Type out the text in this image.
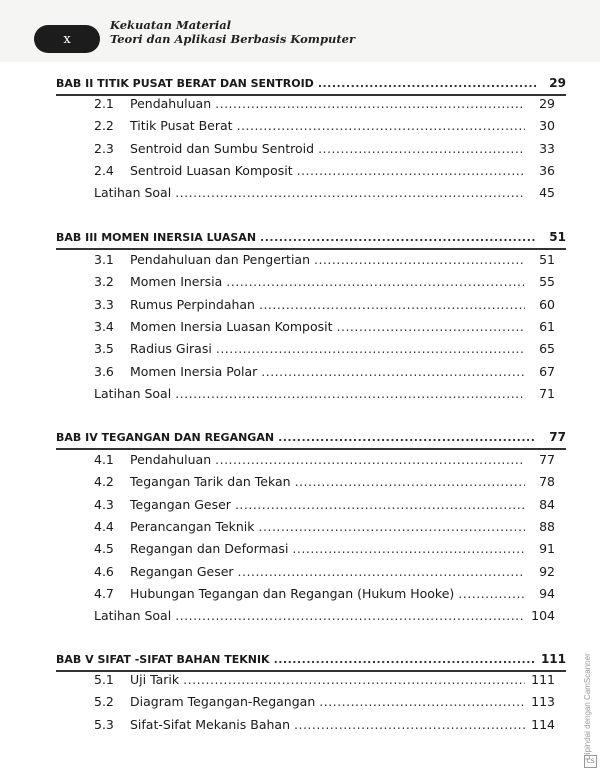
x
Kekuatan Material
Teori dan Aplikasi Berbasis Komputer
BAB II TITIK PUSAT BERAT DAN SENTROID .....	29
2.1	Pendahuluan .....	29
2.2	Titik Pusat Berat .....	30
2.3	Sentroid dan Sumbu Sentroid .....	33
2.4	Sentroid Luasan Komposit .....	36
Latihan Soal .....	45
BAB III MOMEN INERSIA LUASAN .....	51
3.1	Pendahuluan dan Pengertian .....	51
3.2	Momen Inersia .....	55
3.3	Rumus Perpindahan .....	60
3.4	Momen Inersia Luasan Komposit .....	61
3.5	Radius Girasi .....	65
3.6	Momen Inersia Polar .....	67
Latihan Soal .....	71
BAB IV TEGANGAN DAN REGANGAN .....	77
4.1	Pendahuluan .....	77
4.2	Tegangan Tarik dan Tekan .....	78
4.3	Tegangan Geser .....	84
4.4	Perancangan Teknik .....	88
4.5	Regangan dan Deformasi .....	91
4.6	Regangan Geser .....	92
4.7	Hubungan Tegangan dan Regangan (Hukum Hooke) .....	94
Latihan Soal .....	104
BAB V SIFAT -SIFAT BAHAN TEKNIK .....	111
5.1	Uji Tarik .....	111
5.2	Diagram Tegangan-Regangan .....	113
5.3	Sifat-Sifat Mekanis Bahan .....	114	Dipindai dengan CamScanner
CS
